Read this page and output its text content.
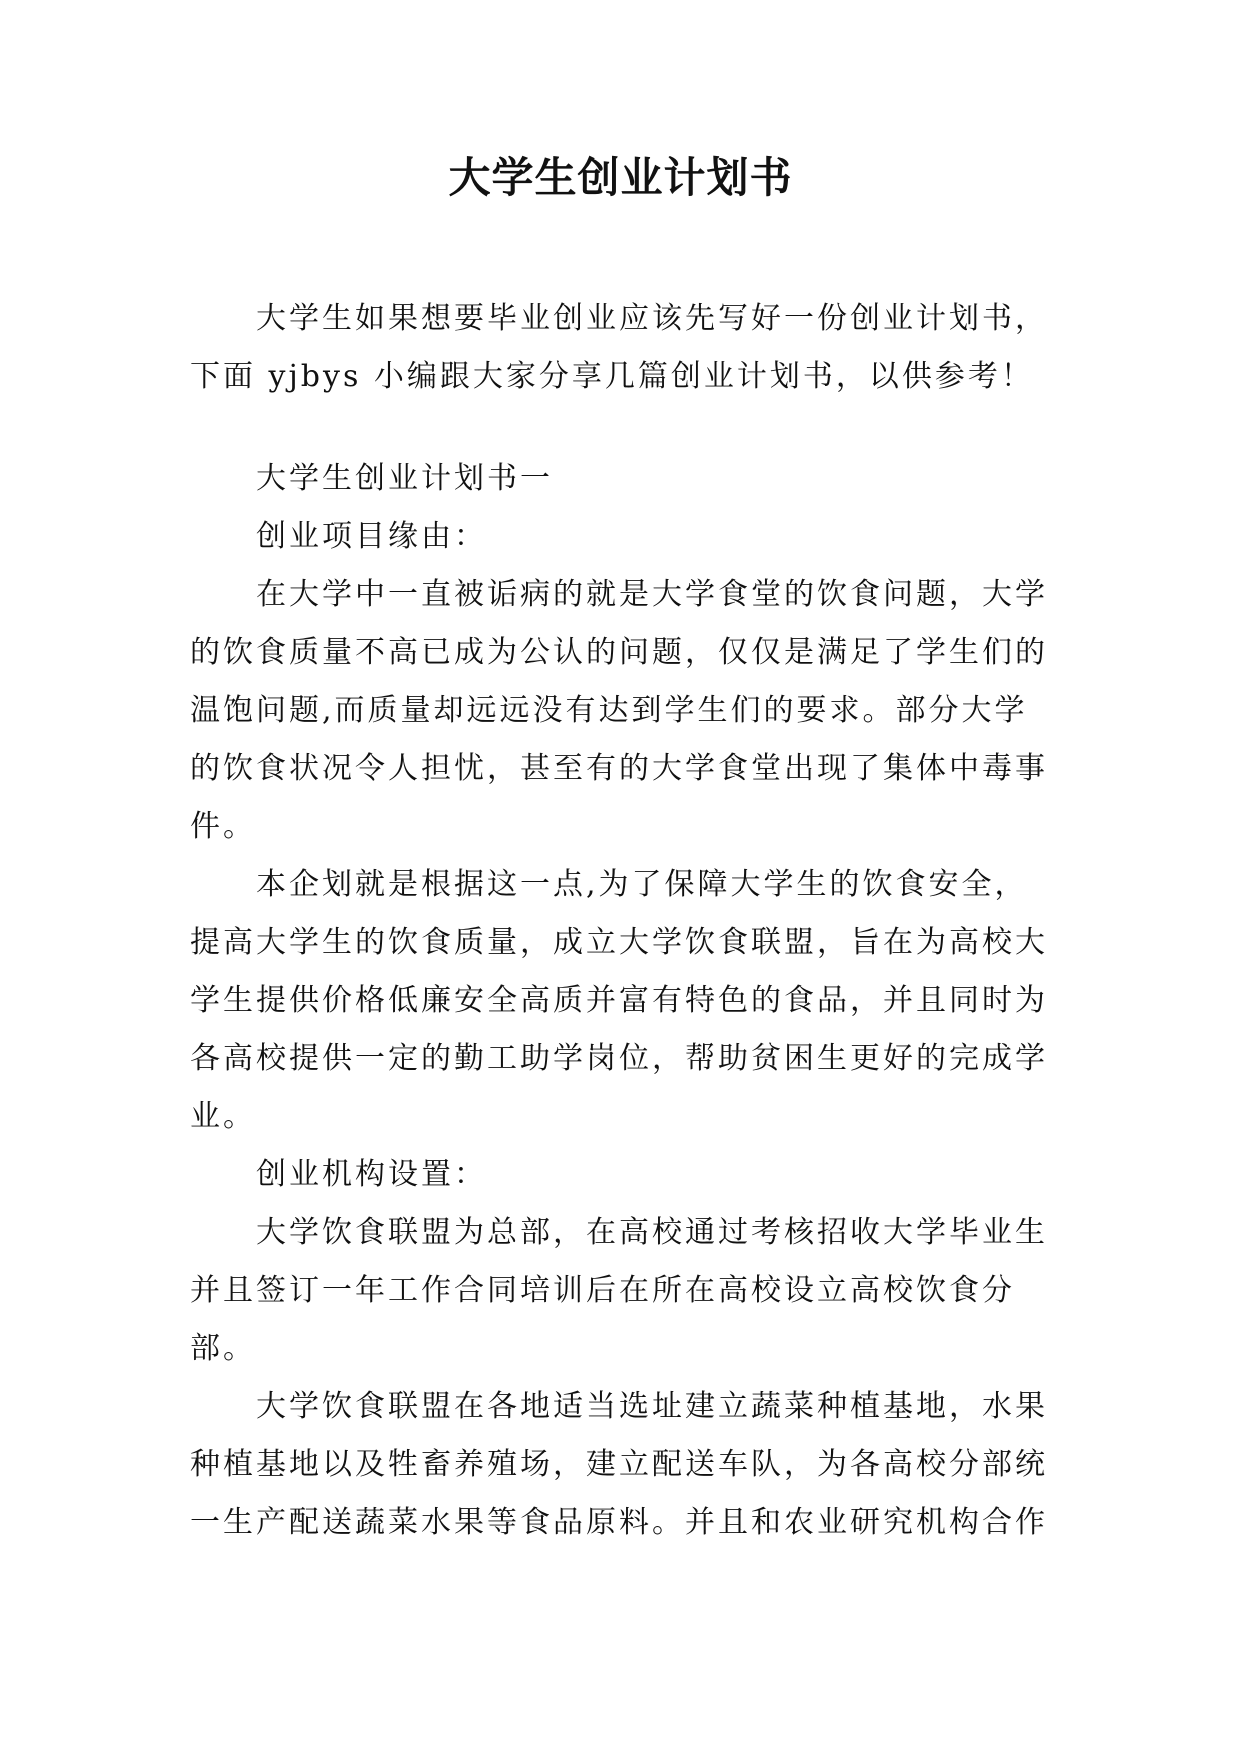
大学生创业计划书

大学生如果想要毕业创业应该先写好一份创业计划书，下面 yjbys 小编跟大家分享几篇创业计划书，以供参考！

大学生创业计划书一

创业项目缘由：

在大学中一直被诟病的就是大学食堂的饮食问题，大学的饮食质量不高已成为公认的问题，仅仅是满足了学生们的温饱问题,而质量却远远没有达到学生们的要求。部分大学的饮食状况令人担忧，甚至有的大学食堂出现了集体中毒事件。

本企划就是根据这一点,为了保障大学生的饮食安全，提高大学生的饮食质量，成立大学饮食联盟，旨在为高校大学生提供价格低廉安全高质并富有特色的食品，并且同时为各高校提供一定的勤工助学岗位，帮助贫困生更好的完成学业。

创业机构设置：

大学饮食联盟为总部，在高校通过考核招收大学毕业生并且签订一年工作合同培训后在所在高校设立高校饮食分部。

大学饮食联盟在各地适当选址建立蔬菜种植基地，水果种植基地以及牲畜养殖场，建立配送车队，为各高校分部统一生产配送蔬菜水果等食品原料。并且和农业研究机构合作
